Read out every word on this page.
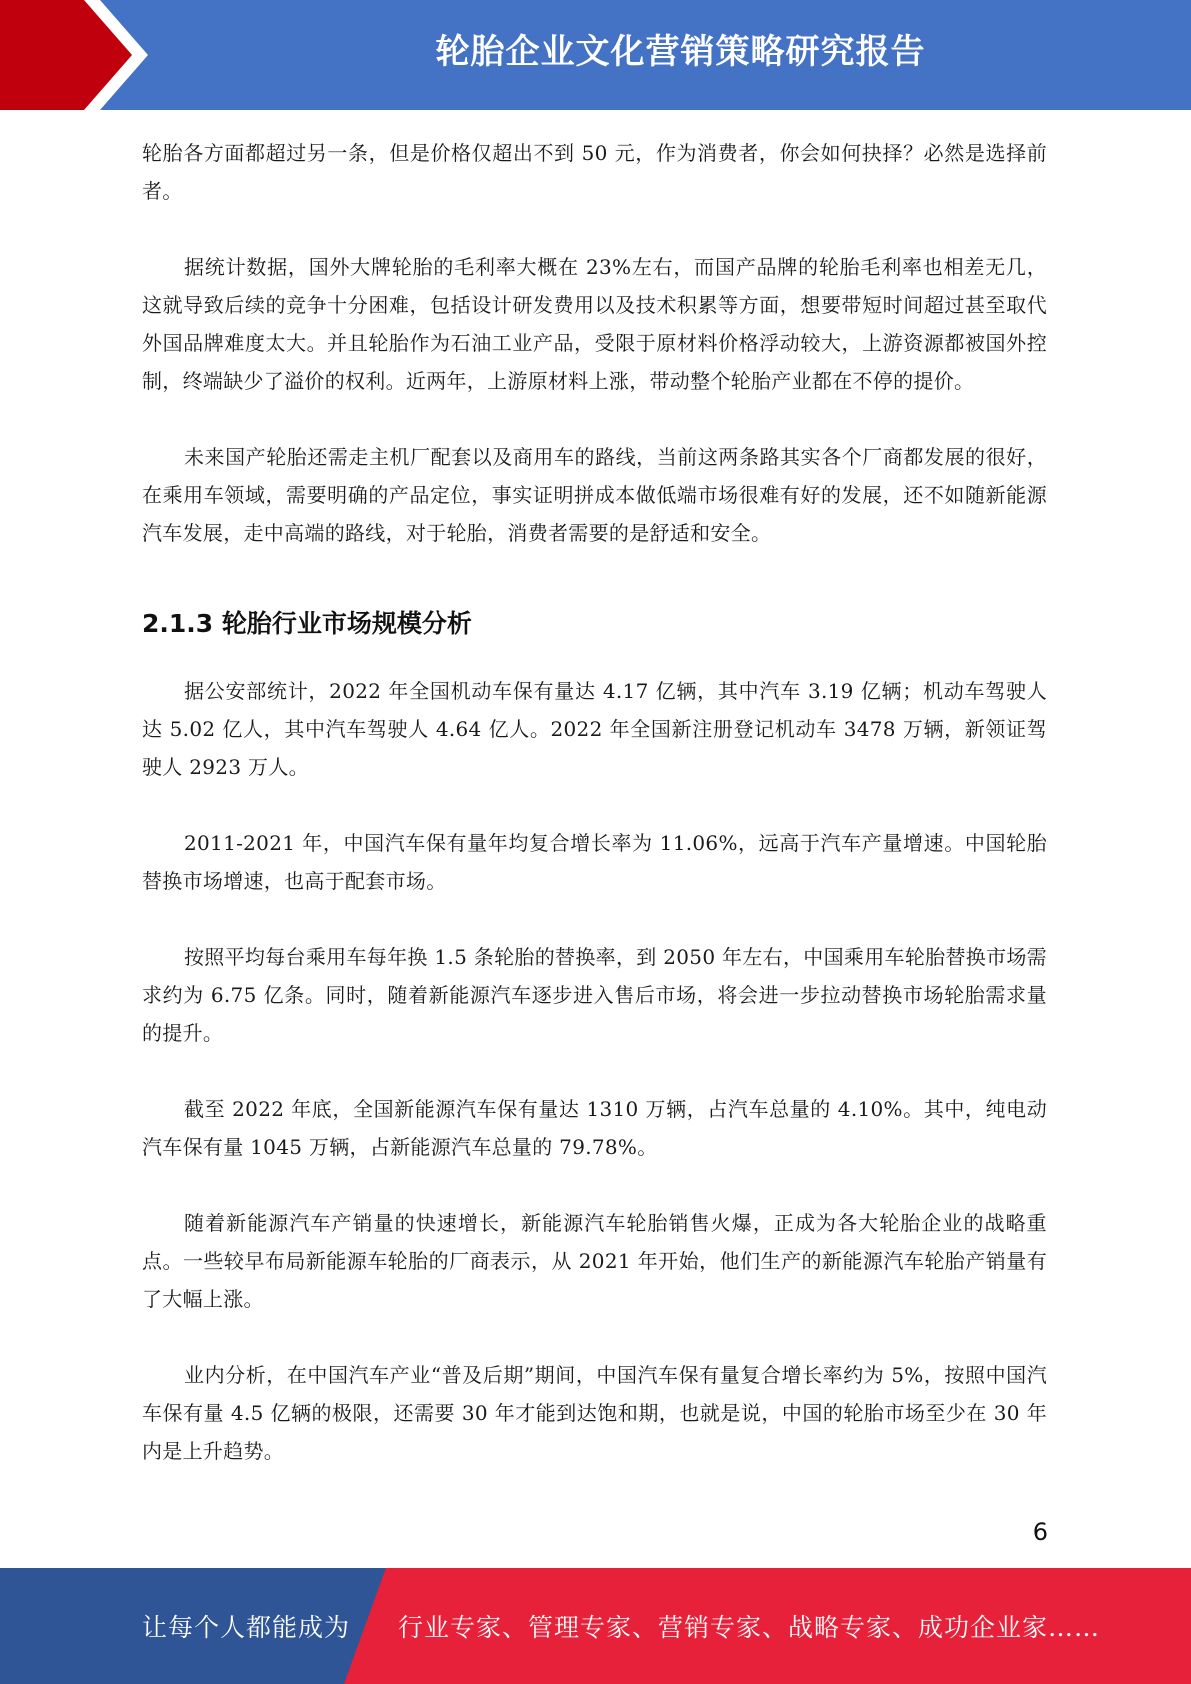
轮胎企业文化营销策略研究报告

轮胎各方面都超过另一条，但是价格仅超出不到 50 元，作为消费者，你会如何抉择？必然是选择前者。

据统计数据，国外大牌轮胎的毛利率大概在 23%左右，而国产品牌的轮胎毛利率也相差无几，这就导致后续的竞争十分困难，包括设计研发费用以及技术积累等方面，想要带短时间超过甚至取代外国品牌难度太大。并且轮胎作为石油工业产品，受限于原材料价格浮动较大，上游资源都被国外控制，终端缺少了溢价的权利。近两年，上游原材料上涨，带动整个轮胎产业都在不停的提价。

未来国产轮胎还需走主机厂配套以及商用车的路线，当前这两条路其实各个厂商都发展的很好，在乘用车领域，需要明确的产品定位，事实证明拼成本做低端市场很难有好的发展，还不如随新能源汽车发展，走中高端的路线，对于轮胎，消费者需要的是舒适和安全。

2.1.3 轮胎行业市场规模分析

据公安部统计，2022 年全国机动车保有量达 4.17 亿辆，其中汽车 3.19 亿辆；机动车驾驶人达 5.02 亿人，其中汽车驾驶人 4.64 亿人。2022 年全国新注册登记机动车 3478 万辆，新领证驾驶人 2923 万人。

2011-2021 年，中国汽车保有量年均复合增长率为 11.06%，远高于汽车产量增速。中国轮胎替换市场增速，也高于配套市场。

按照平均每台乘用车每年换 1.5 条轮胎的替换率，到 2050 年左右，中国乘用车轮胎替换市场需求约为 6.75 亿条。同时，随着新能源汽车逐步进入售后市场，将会进一步拉动替换市场轮胎需求量的提升。

截至 2022 年底，全国新能源汽车保有量达 1310 万辆，占汽车总量的 4.10%。其中，纯电动汽车保有量 1045 万辆，占新能源汽车总量的 79.78%。

随着新能源汽车产销量的快速增长，新能源汽车轮胎销售火爆，正成为各大轮胎企业的战略重点。一些较早布局新能源车轮胎的厂商表示，从 2021 年开始，他们生产的新能源汽车轮胎产销量有了大幅上涨。

业内分析，在中国汽车产业“普及后期”期间，中国汽车保有量复合增长率约为 5%，按照中国汽车保有量 4.5 亿辆的极限，还需要 30 年才能到达饱和期，也就是说，中国的轮胎市场至少在 30 年内是上升趋势。

6
让每个人都能成为 行业专家、管理专家、营销专家、战略专家、成功企业家……
